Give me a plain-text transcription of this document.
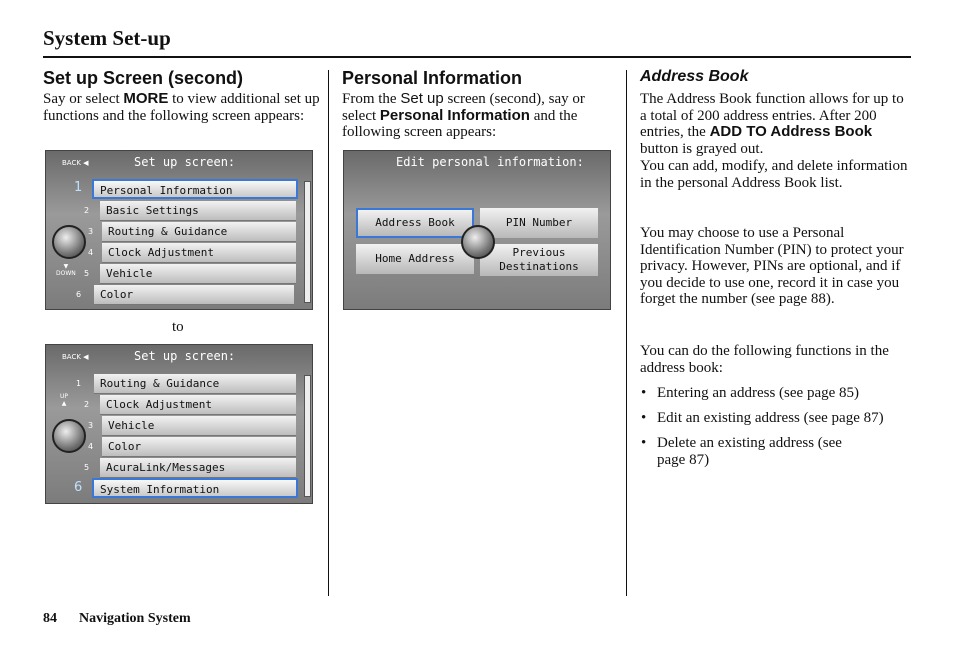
System Set-up
Set up Screen (second)
Say or select MORE to view additional set up functions and the following screen appears:
BACK ◀	Set up screen:
1	Personal Information
2	Basic Settings
3	Routing & Guidance
4	Clock Adjustment
5	Vehicle
6	Color
▼
DOWN
to
BACK ◀	Set up screen:
1	Routing & Guidance
2	Clock Adjustment
3	Vehicle
4	Color
5	AcuraLink/Messages
6	System Information
UP
▲
Personal Information
From the Set up screen (second), say or select Personal Information and the following screen appears:
Edit personal information:
Address Book	PIN Number
Home Address	Previous Destinations
Address Book
The Address Book function allows for up to a total of 200 address entries. After 200 entries, the ADD TO Address Book button is grayed out.
You can add, modify, and delete information in the personal Address Book list.
You may choose to use a Personal Identification Number (PIN) to protect your privacy. However, PINs are optional, and if you decide to use one, record it in case you forget the number (see page 88).
You can do the following functions in the address book:
• Entering an address (see page 85)
• Edit an existing address (see page 87)
• Delete an existing address (see page 87)
84 Navigation System
